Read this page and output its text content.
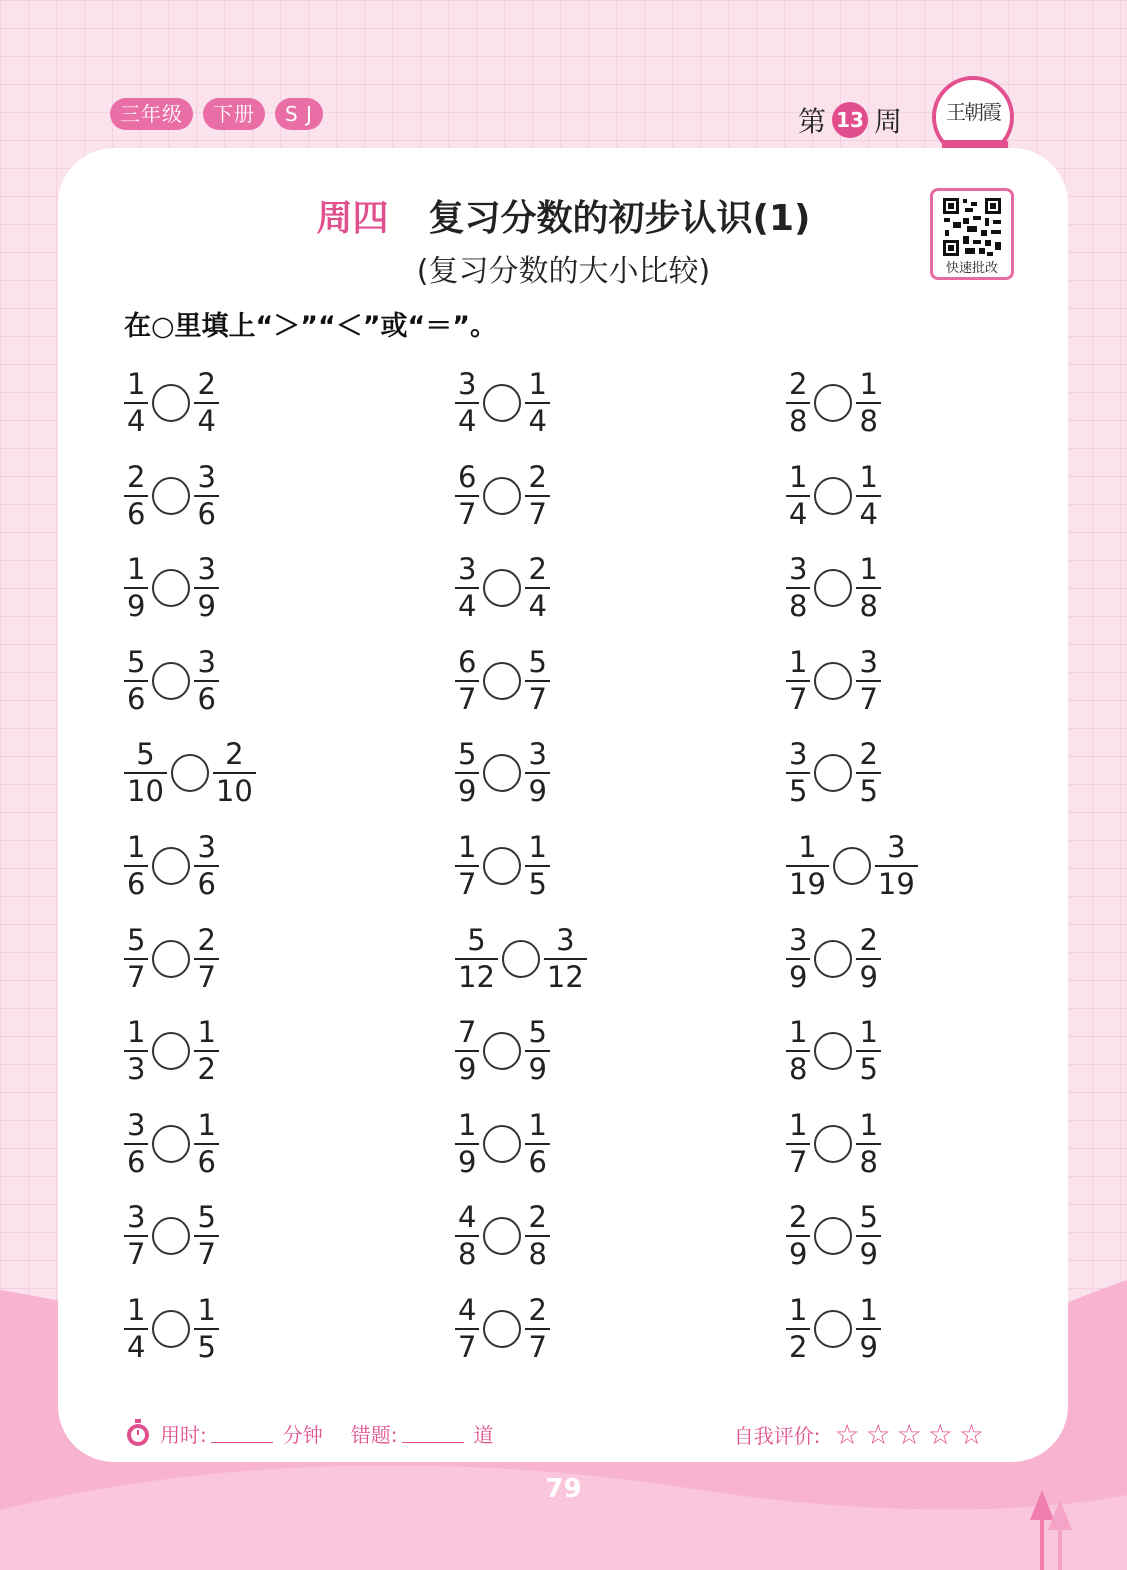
三年级	下册	S J	第 13 周	王朝霞
周四 复习分数的初步认识(1)
(复习分数的大小比较)	快速批改
在○里填上“＞”“＜”或“＝”。
$\frac{1}{4} \frac{2}{4}$	$\frac{3}{4} \frac{1}{4}$	$\frac{2}{8} \frac{1}{8}$
$\frac{2}{6} \frac{3}{6}$	$\frac{6}{7} \frac{2}{7}$	$\frac{1}{4} \frac{1}{4}$
$\frac{1}{9} \frac{3}{9}$	$\frac{3}{4} \frac{2}{4}$	$\frac{3}{8} \frac{1}{8}$
$\frac{5}{6} \frac{3}{6}$	$\frac{6}{7} \frac{5}{7}$	$\frac{1}{7} \frac{3}{7}$
$\frac{5}{10} \frac{2}{10}$	$\frac{5}{9} \frac{3}{9}$	$\frac{3}{5} \frac{2}{5}$
$\frac{1}{6} \frac{3}{6}$	$\frac{1}{7} \frac{1}{5}$	$\frac{1}{19} \frac{3}{19}$
$\frac{5}{7} \frac{2}{7}$	$\frac{5}{12} \frac{3}{12}$	$\frac{3}{9} \frac{2}{9}$
$\frac{1}{3} \frac{1}{2}$	$\frac{7}{9} \frac{5}{9}$	$\frac{1}{8} \frac{1}{5}$
$\frac{3}{6} \frac{1}{6}$	$\frac{1}{9} \frac{1}{6}$	$\frac{1}{7} \frac{1}{8}$
$\frac{3}{7} \frac{5}{7}$	$\frac{4}{8} \frac{2}{8}$	$\frac{2}{9} \frac{5}{9}$
$\frac{1}{4} \frac{1}{5}$	$\frac{4}{7} \frac{2}{7}$	$\frac{1}{2} \frac{1}{9}$
用时:	分钟 错题:	道	自我评价: ☆ ☆ ☆ ☆ ☆
79
